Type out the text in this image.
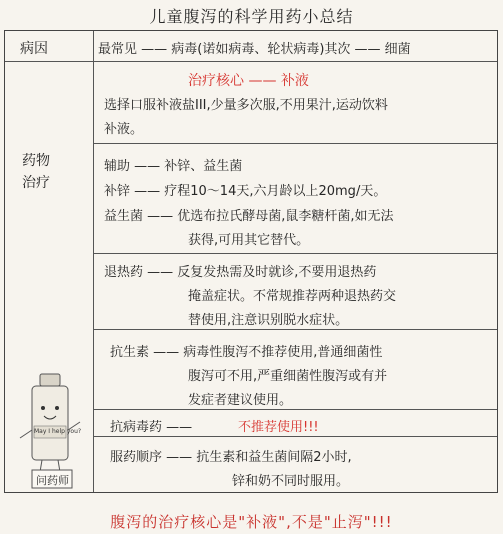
儿童腹泻的科学用药小总结
病因	最常见 —— 病毒(诺如病毒、轮状病毒)其次 —— 细菌
药物
治疗
治疗核心 —— 补液
选择口服补液盐III,少量多次服,不用果汁,运动饮料
补液。
辅助 —— 补锌、益生菌
补锌 —— 疗程10～14天,六月龄以上20mg/天。
益生菌 —— 优选布拉氏酵母菌,鼠李糖杆菌,如无法
获得,可用其它替代。
退热药 —— 反复发热需及时就诊,不要用退热药
掩盖症状。不常规推荐两种退热药交
替使用,注意识别脱水症状。
抗生素 —— 病毒性腹泻不推荐使用,普通细菌性
腹泻可不用,严重细菌性腹泻或有并
发症者建议使用。
抗病毒药 ——	不推荐使用!!!
服药顺序 —— 抗生素和益生菌间隔2小时,
锌和奶不同时服用。
May I help you?
问药师
腹泻的治疗核心是"补液",不是"止泻"!!!
